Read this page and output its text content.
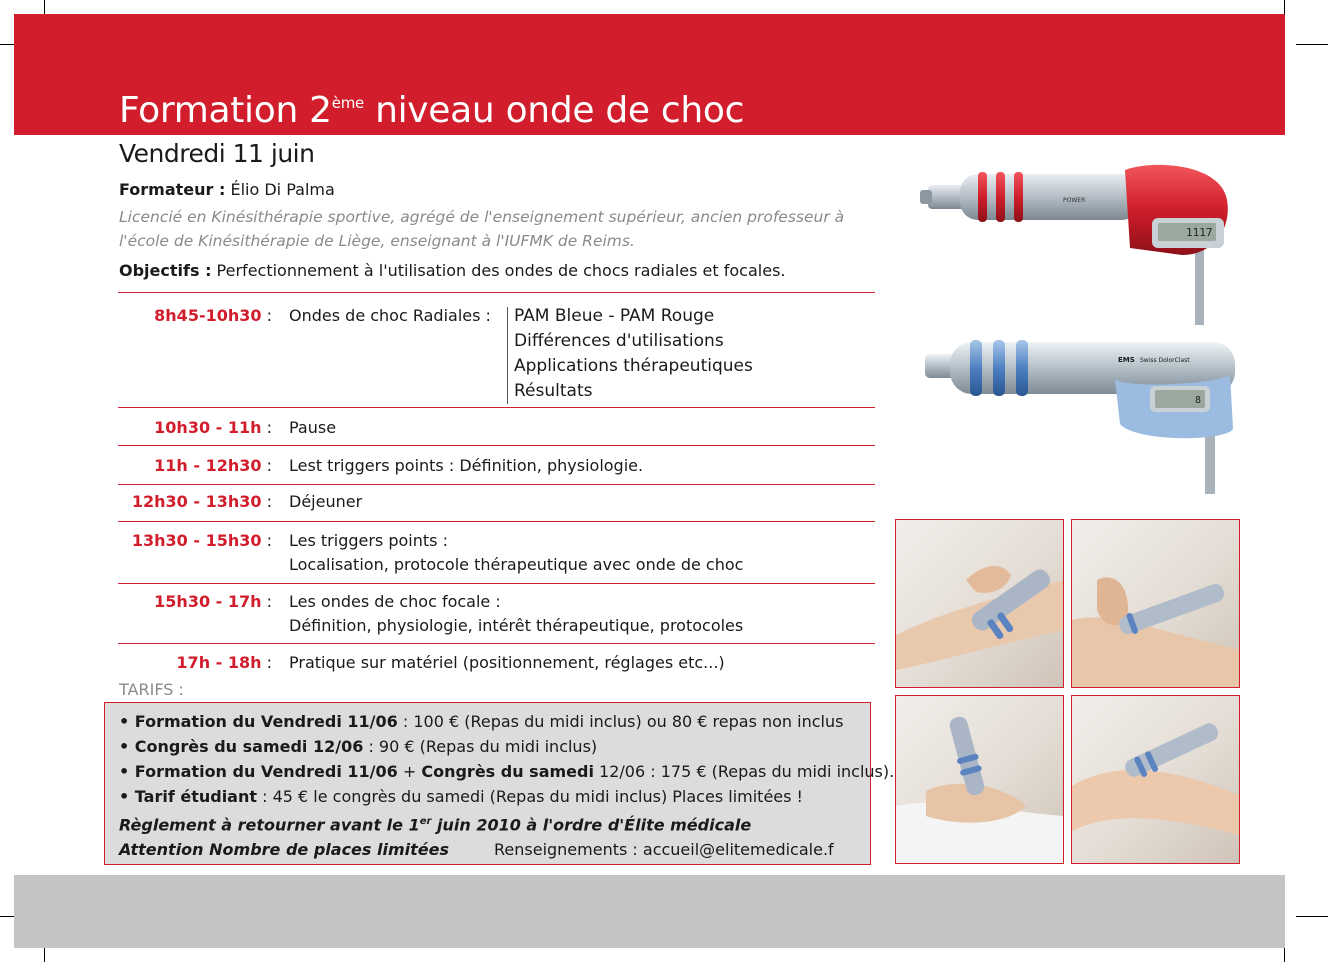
Formation 2ème niveau onde de choc
Vendredi 11 juin
Formateur : Élio Di Palma
Licencié en Kinésithérapie sportive, agrégé de l'enseignement supérieur, ancien professeur à l'école de Kinésithérapie de Liège, enseignant à l'IUFMK de Reims.
Objectifs : Perfectionnement à l'utilisation des ondes de chocs radiales et focales.
8h45-10h30 : Ondes de choc Radiales : PAM Bleue - PAM Rouge
Différences d'utilisations
Applications thérapeutiques
Résultats
10h30 - 11h : Pause
11h - 12h30 : Lest triggers points : Définition, physiologie.
12h30 - 13h30 : Déjeuner
13h30 - 15h30 : Les triggers points :
Localisation, protocole thérapeutique avec onde de choc
15h30 - 17h : Les ondes de choc focale :
Définition, physiologie, intérêt thérapeutique, protocoles
17h - 18h : Pratique sur matériel (positionnement, réglages etc...)
TARIFS :
• Formation du Vendredi 11/06 : 100 € (Repas du midi inclus) ou 80 € repas non inclus
• Congrès du samedi 12/06 : 90 € (Repas du midi inclus)
• Formation du Vendredi 11/06 + Congrès du samedi 12/06 : 175 € (Repas du midi inclus).
• Tarif étudiant : 45 € le congrès du samedi (Repas du midi inclus) Places limitées !
Règlement à retourner avant le 1er juin 2010 à l'ordre d'Élite médicale
Attention Nombre de places limitées	Renseignements : accueil@elitemedicale.f
POWER
1117
EMS Swiss DolorClast
8
